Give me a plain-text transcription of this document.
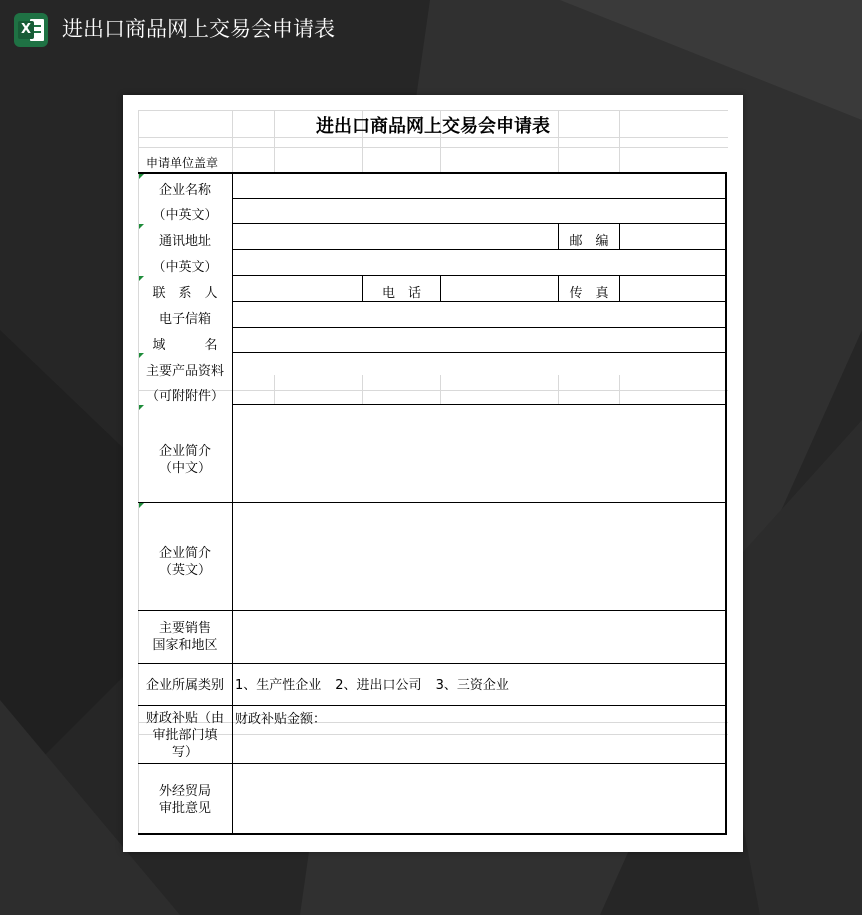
X 进出口商品网上交易会申请表
进出口商品网上交易会申请表
申请单位盖章
企业名称
（中英文）
通讯地址
（中英文）
邮　编
联　系　人	电　话	传　真
电子信箱
域　　　名
主要产品资料
（可附附件）
企业简介
（中文）
企业简介
（英文）
主要销售
国家和地区
企业所属类别 1、生产性企业 2、进出口公司 3、三资企业
财政补贴（由
审批部门填
写）
财政补贴金额：
外经贸局
审批意见
